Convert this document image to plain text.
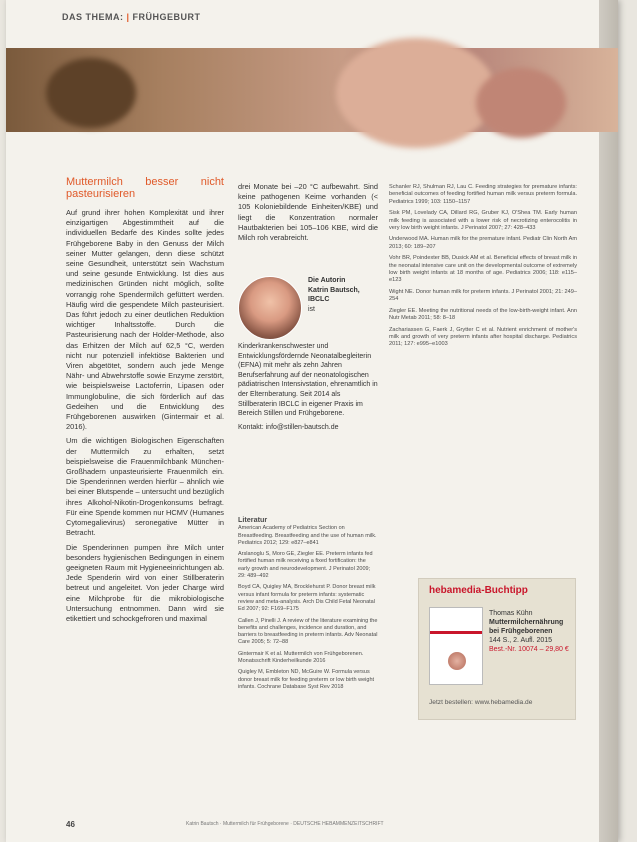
DAS THEMA: | FRÜHGEBURT
Muttermilch besser nicht pasteurisieren

Auf grund ihrer hohen Komplexität und ihrer einzigartigen Abgestimmtheit auf die individuellen Bedarfe des Kindes sollte jedes Frühgeborene Baby in den Genuss der Milch seiner Mutter gelangen, denn diese schützt seine Gesundheit, unterstützt sein Wachstum und seine gesunde Entwicklung. Ist dies aus medizinischen Gründen nicht möglich, sollte vorrangig rohe Spendermilch gefüttert werden. Häufig wird die gespendete Milch pasteurisiert. Das führt jedoch zu einer deutlichen Reduktion wichtiger Inhaltsstoffe. Durch die Pasteurisierung nach der Holder-Methode, also das Erhitzen der Milch auf 62,5 °C, werden nicht nur potenziell infektiöse Bakterien und Viren abgetötet, sondern auch jede Menge Nähr- und Abwehrstoffe sowie Enzyme zerstört, wie beispielsweise Lactoferrin, Lipasen oder Immunglobuline, die sich förderlich auf das Gedeihen und die Entwicklung des Frühgeborenen auswirken (Gintermair et al. 2016).

Um die wichtigen Biologischen Eigenschaften der Muttermilch zu erhalten, setzt beispielsweise die Frauenmilchbank München-Großhadern unpasteurisierte Frauenmilch ein. Die Spenderinnen werden hierfür – ähnlich wie bei einer Blutspende – untersucht und bezüglich ihres Alkohol-Nikotin-Drogenkonsums befragt. Für eine Spende kommen nur HCMV (Humanes Cytomegalievirus) seronegative Mütter in Betracht.

Die Spenderinnen pumpen ihre Milch unter besonders hygienischen Bedingungen in einem geeigneten Raum mit Hygieneeinrichtungen ab. Jede Spenderin wird von einer Stillberaterin betreut und angeleitet. Von jeder Charge wird eine Milchprobe für die mikrobiologische Untersuchung entnommen. Dann wird sie etikettiert und schockgefroren und maximal

drei Monate bei –20 °C aufbewahrt. Sind keine pathogenen Keime vorhanden (< 105 Koloniebildende Einheiten/KBE) und liegt die Konzentration normaler Hautbakterien bei 105–106 KBE, wird die Milch roh verabreicht.

Die Autorin
Katrin Bautsch, IBCLC
ist Kinderkrankenschwester und Entwicklungsfördernde Neonatalbegleiterin (EFNA) mit mehr als zehn Jahren Berufserfahrung auf der neonatologischen pädiatrischen Intensivstation, ehrenamtlich in der Elternberatung. Seit 2014 als Stillberaterin IBCLC in eigener Praxis im Bereich Stillen und Frühgeborene.
Kontakt: info@stillen-bautsch.de
Literatur

American Academy of Pediatrics Section on Breastfeeding. Breastfeeding and the use of human milk. Pediatrics 2012; 129: e827–e841

Arslanoglu S, Moro GE, Ziegler EE. Preterm infants fed fortified human milk receiving a fixed fortification: the early growth and neurodevelopment. J Perinatol 2009; 29: 489–492

Boyd CA, Quigley MA, Brocklehurst P. Donor breast milk versus infant formula for preterm infants: systematic review and meta-analysis. Arch Dis Child Fetal Neonatal Ed 2007; 92: F169–F175

Callen J, Pinelli J. A review of the literature examining the benefits and challenges, incidence and duration, and barriers to breastfeeding in preterm infants. Adv Neonatal Care 2005; 5: 72–88

Gintermair K et al. Muttermilch von Frühgeborenen. Monatsschrift Kinderheilkunde 2016

Quigley M, Embleton ND, McGuire W. Formula versus donor breast milk for feeding preterm or low birth weight infants. Cochrane Database Syst Rev 2018

Schanler RJ, Shulman RJ, Lau C. Feeding strategies for premature infants: beneficial outcomes of feeding fortified human milk versus preterm formula. Pediatrics 1999; 103: 1150–1157

Sisk PM, Lovelady CA, Dillard RG, Gruber KJ, O'Shea TM. Early human milk feeding is associated with a lower risk of necrotizing enterocolitis in very low birth weight infants. J Perinatol 2007; 27: 428–433

Underwood MA. Human milk for the premature infant. Pediatr Clin North Am 2013; 60: 189–207

Vohr BR, Poindexter BB, Dusick AM et al. Beneficial effects of breast milk in the neonatal intensive care unit on the developmental outcome of extremely low birth weight infants at 18 months of age. Pediatrics 2006; 118: e115–e123

Wight NE. Donor human milk for preterm infants. J Perinatol 2001; 21: 249–254

Ziegler EE. Meeting the nutritional needs of the low-birth-weight infant. Ann Nutr Metab 2011; 58: 8–18

Zachariassen G, Faerk J, Grytter C et al. Nutrient enrichment of mother's milk and growth of very preterm infants after hospital discharge. Pediatrics 2011; 127: e995–e1003

hebamedia-Buchtipp
Thomas Kühn
Muttermilchernährung bei Frühgeborenen
144 S., 2. Aufl. 2015
Best.-Nr. 10074 – 29,80 €
Jetzt bestellen: www.hebamedia.de
46	Katrin Bautsch · Muttermilch für Frühgeborene · DEUTSCHE HEBAMMENZEITSCHRIFT
